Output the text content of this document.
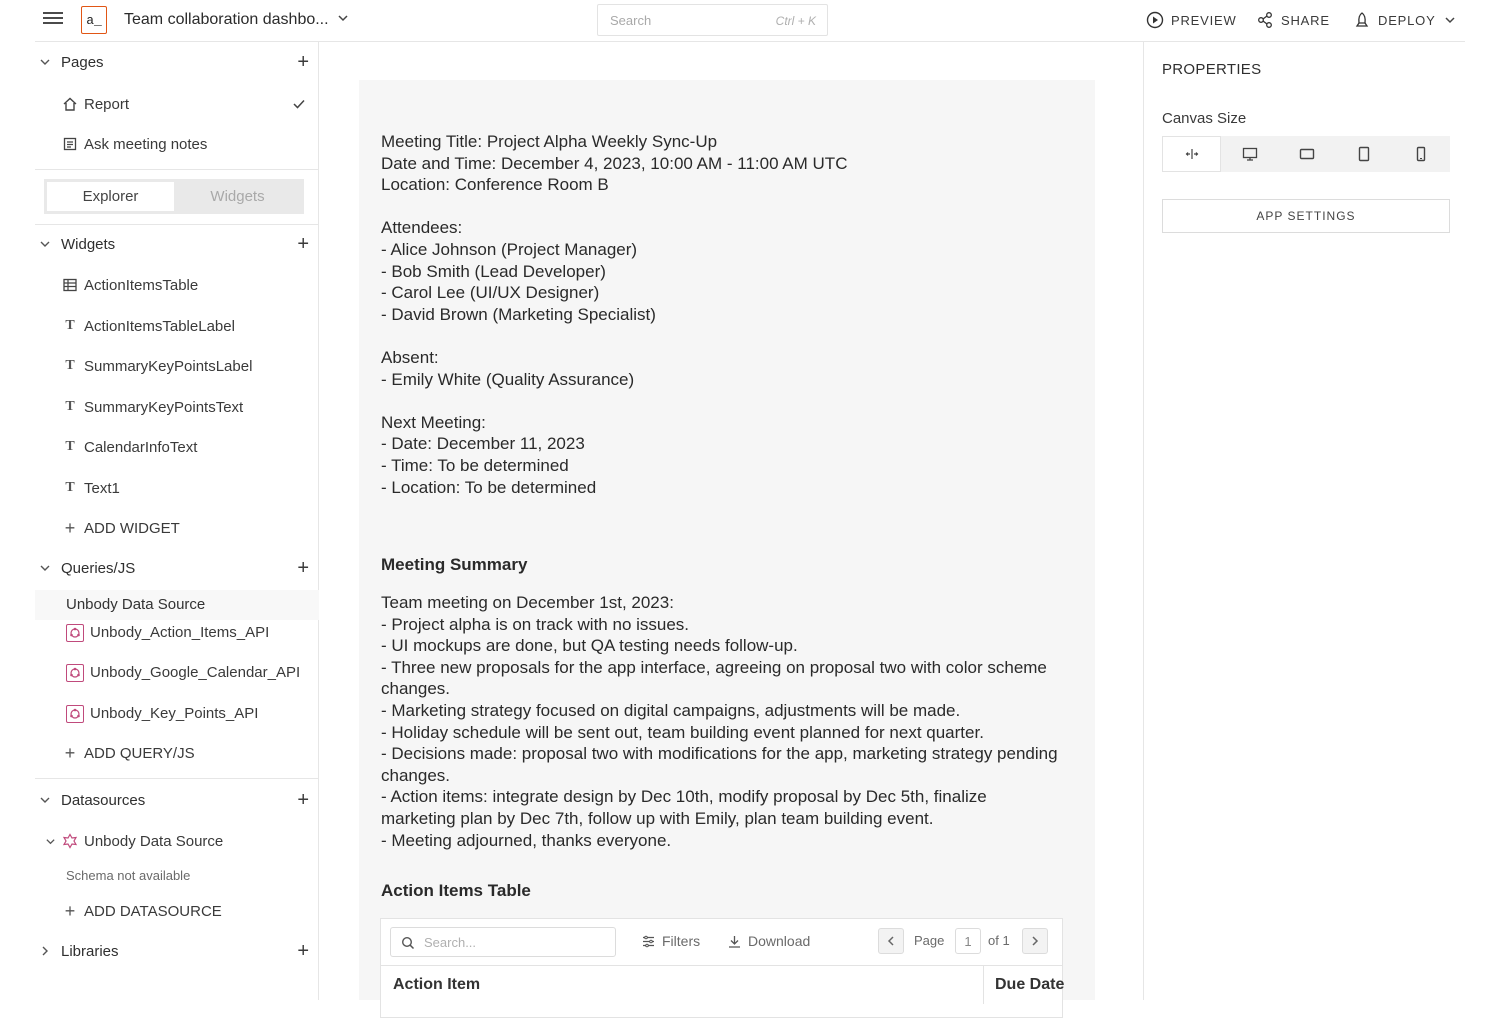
a_	Team collaboration dashbo...	Search	Ctrl + K	PREVIEW	SHARE	DEPLOY
Pages	+
Report
Ask meeting notes
Explorer	Widgets
Widgets	+
ActionItemsTable
T ActionItemsTableLabel
T SummaryKeyPointsLabel
T SummaryKeyPointsText
T CalendarInfoText
T Text1
+ ADD WIDGET
Queries/JS	+
Unbody Data Source
Unbody_Action_Items_API
Unbody_Google_Calendar_API
Unbody_Key_Points_API
+ ADD QUERY/JS
Datasources	+
Unbody Data Source
Schema not available
+ ADD DATASOURCE
Libraries	+
Meeting Title: Project Alpha Weekly Sync-Up
Date and Time: December 4, 2023, 10:00 AM - 11:00 AM UTC
Location: Conference Room B

Attendees:
- Alice Johnson (Project Manager)
- Bob Smith (Lead Developer)
- Carol Lee (UI/UX Designer)
- David Brown (Marketing Specialist)

Absent:
- Emily White (Quality Assurance)

Next Meeting:
- Date: December 11, 2023
- Time: To be determined
- Location: To be determined
Meeting Summary
Team meeting on December 1st, 2023:
- Project alpha is on track with no issues.
- UI mockups are done, but QA testing needs follow-up.
- Three new proposals for the app interface, agreeing on proposal two with color scheme changes.
- Marketing strategy focused on digital campaigns, adjustments will be made.
- Holiday schedule will be sent out, team building event planned for next quarter.
- Decisions made: proposal two with modifications for the app, marketing strategy pending changes.
- Action items: integrate design by Dec 10th, modify proposal by Dec 5th, finalize marketing plan by Dec 7th, follow up with Emily, plan team building event.
- Meeting adjourned, thanks everyone.
Action Items Table
Search...	Filters	Download	Page	1	of 1
Action Item	Due Date
PROPERTIES
Canvas Size
APP SETTINGS
